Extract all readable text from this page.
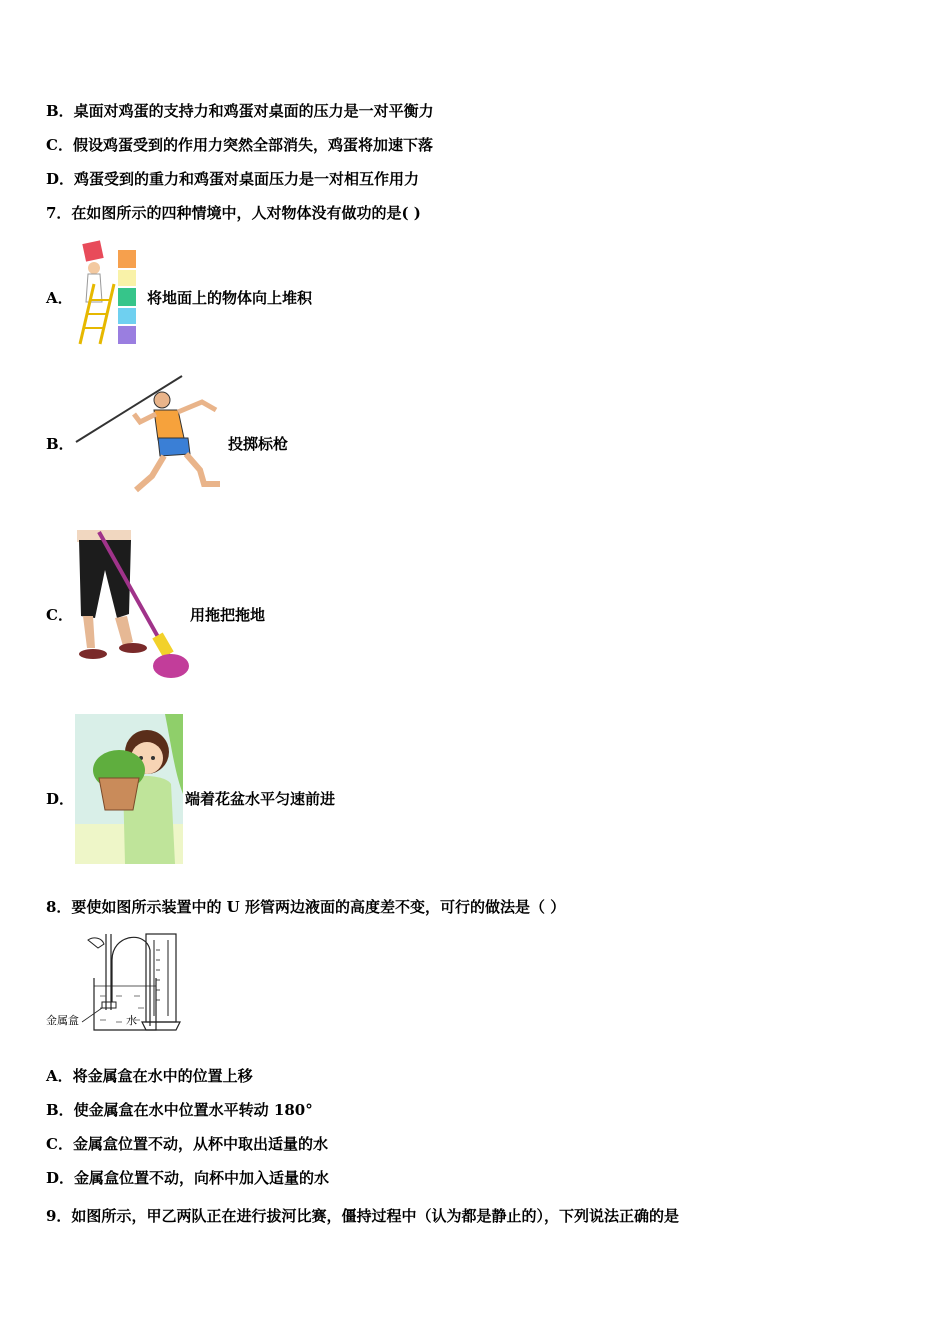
B．桌面对鸡蛋的支持力和鸡蛋对桌面的压力是一对平衡力
C．假设鸡蛋受到的作用力突然全部消失，鸡蛋将加速下落
D．鸡蛋受到的重力和鸡蛋对桌面压力是一对相互作用力
7．在如图所示的四种情境中，人对物体没有做功的是( )
A．	将地面上的物体向上堆积
B．	投掷标枪
C．	用拖把拖地
D．	端着花盆水平匀速前进
8．要使如图所示装置中的 U 形管两边液面的高度差不变，可行的做法是（ ）
金属盒	水
A．将金属盒在水中的位置上移
B．使金属盒在水中位置水平转动 180°
C．金属盒位置不动，从杯中取出适量的水
D．金属盒位置不动，向杯中加入适量的水
9．如图所示，甲乙两队正在进行拔河比赛，僵持过程中（认为都是静止的），下列说法正确的是
